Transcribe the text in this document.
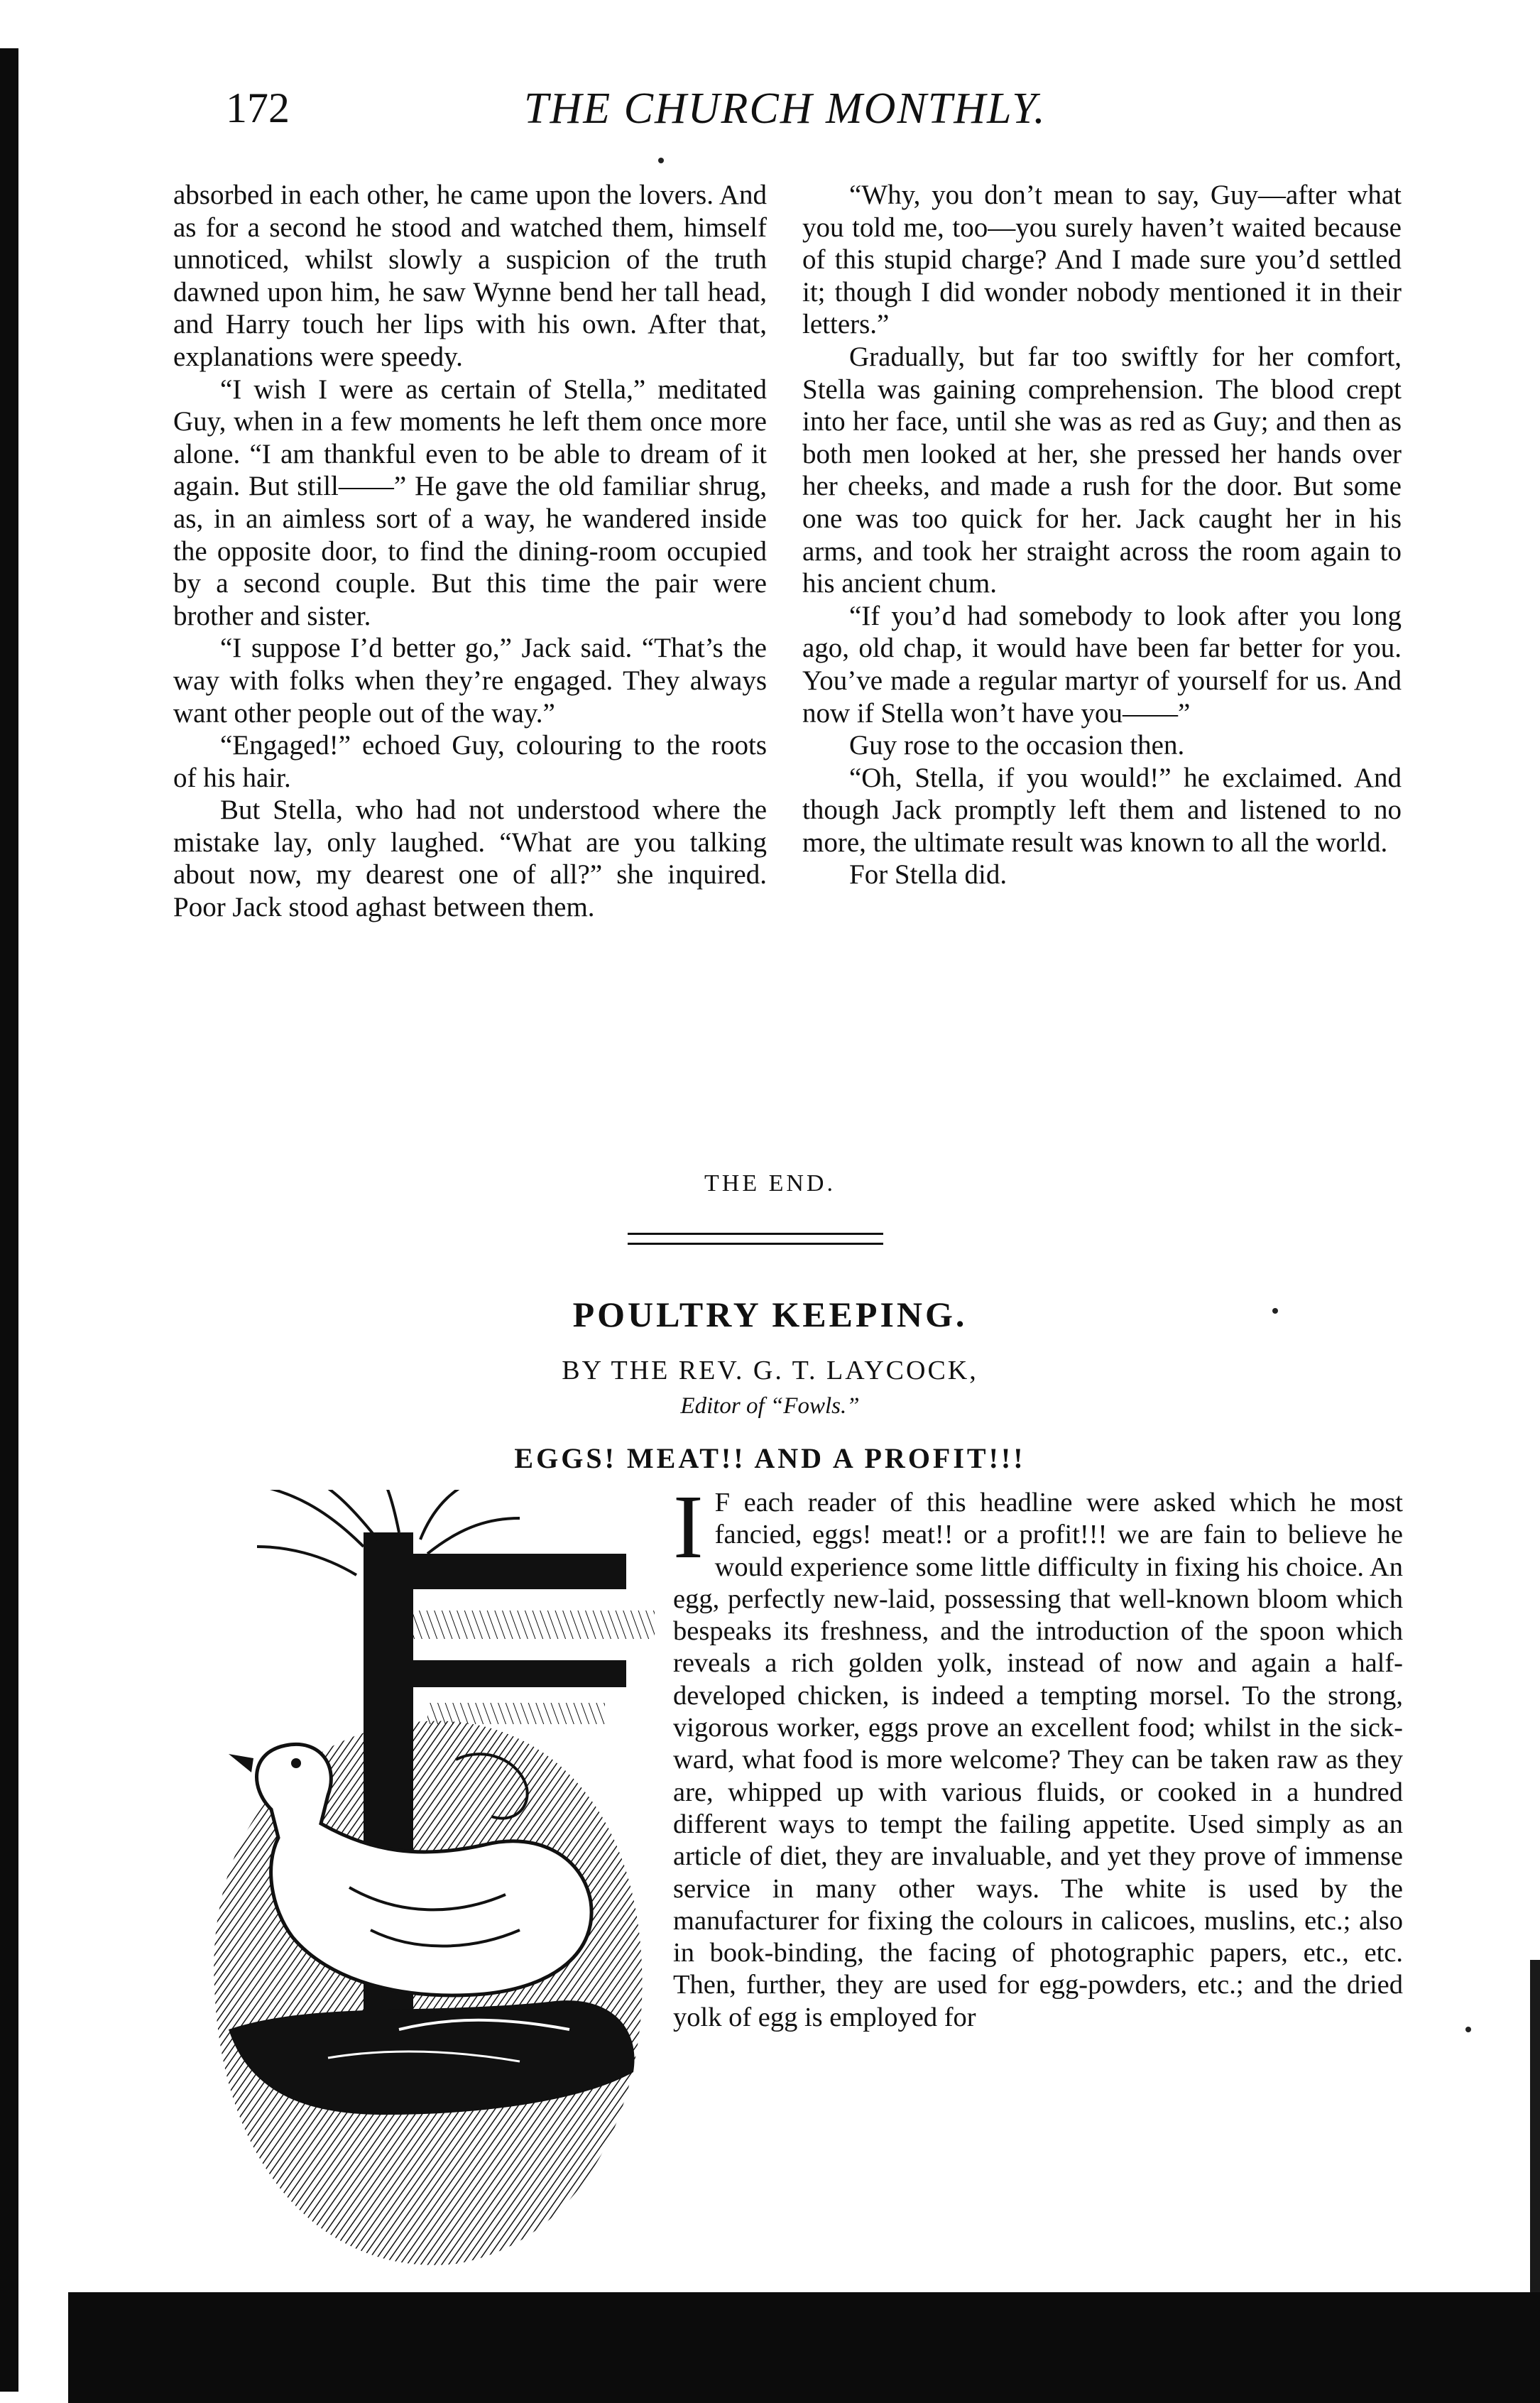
172	THE CHURCH MONTHLY.

absorbed in each other, he came upon the lovers. And as for a second he stood and watched them, himself unnoticed, whilst slowly a suspicion of the truth dawned upon him, he saw Wynne bend her tall head, and Harry touch her lips with his own. After that, explanations were speedy.

“I wish I were as certain of Stella,” meditated Guy, when in a few moments he left them once more alone. “I am thankful even to be able to dream of it again. But still——” He gave the old familiar shrug, as, in an aimless sort of a way, he wandered inside the opposite door, to find the dining-room occupied by a second couple. But this time the pair were brother and sister.

“I suppose I’d better go,” Jack said. “That’s the way with folks when they’re engaged. They always want other people out of the way.”

“Engaged!” echoed Guy, colouring to the roots of his hair.

But Stella, who had not understood where the mistake lay, only laughed. “What are you talking about now, my dearest one of all?” she inquired. Poor Jack stood aghast between them.

“Why, you don’t mean to say, Guy—after what you told me, too—you surely haven’t waited because of this stupid charge? And I made sure you’d settled it; though I did wonder nobody mentioned it in their letters.”

Gradually, but far too swiftly for her comfort, Stella was gaining comprehension. The blood crept into her face, until she was as red as Guy; and then as both men looked at her, she pressed her hands over her cheeks, and made a rush for the door. But some one was too quick for her. Jack caught her in his arms, and took her straight across the room again to his ancient chum.

“If you’d had somebody to look after you long ago, old chap, it would have been far better for you. You’ve made a regular martyr of yourself for us. And now if Stella won’t have you——”

Guy rose to the occasion then.

“Oh, Stella, if you would!” he exclaimed. And though Jack promptly left them and listened to no more, the ultimate result was known to all the world.

For Stella did.

THE END.
POULTRY KEEPING.
BY THE REV. G. T. LAYCOCK,
Editor of “Fowls.”
EGGS! MEAT!! AND A PROFIT!!!

I F each reader of this headline were asked which he most fancied, eggs! meat!! or a profit!!! we are fain to believe he would experience some little difficulty in fixing his choice. An egg, perfectly new-laid, possessing that well-known bloom which bespeaks its freshness, and the introduction of the spoon which reveals a rich golden yolk, instead of now and again a half-developed chicken, is indeed a tempting morsel. To the strong, vigorous worker, eggs prove an excellent food; whilst in the sick-ward, what food is more welcome? They can be taken raw as they are, whipped up with various fluids, or cooked in a hundred different ways to tempt the failing appetite. Used simply as an article of diet, they are invaluable, and yet they prove of immense service in many other ways. The white is used by the manufacturer for fixing the colours in calicoes, muslins, etc.; also in book-binding, the facing of photographic papers, etc., etc. Then, further, they are used for egg-powders, etc.; and the dried yolk of egg is employed for
